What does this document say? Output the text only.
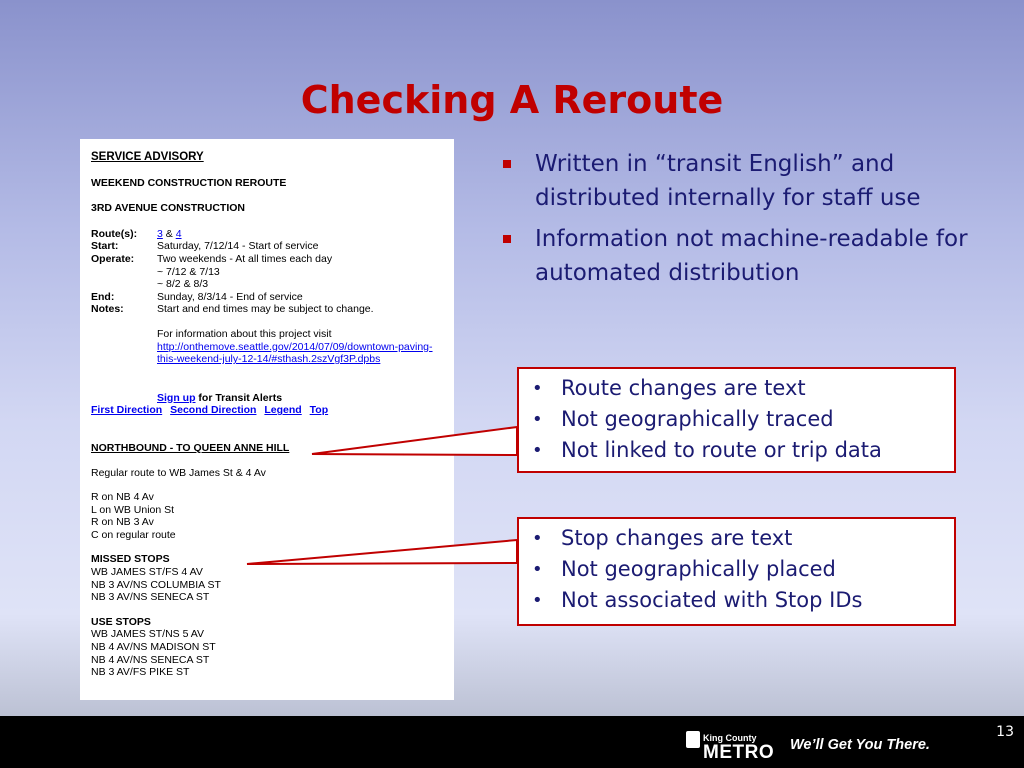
Checking A Reroute
SERVICE ADVISORY
WEEKEND CONSTRUCTION REROUTE
3RD AVENUE CONSTRUCTION
Route(s):	3 & 4
Start:	Saturday, 7/12/14 - Start of service
Operate:	Two weekends - At all times each day
~ 7/12 & 7/13
~ 8/2 & 8/3

End:	Sunday, 8/3/14 - End of service
Notes:	Start and end times may be subject to change.
For information about this project visit
http://onthemove.seattle.gov/2014/07/09/downtown-paving-
this-weekend-july-12-14/#sthash.2szVgf3P.dpbs
Sign up for Transit Alerts
First Direction Second Direction Legend Top
NORTHBOUND - TO QUEEN ANNE HILL
Regular route to WB James St & 4 Av
R on NB 4 Av
L on WB Union St
R on NB 3 Av
C on regular route
MISSED STOPS
WB JAMES ST/FS 4 AV
NB 3 AV/NS COLUMBIA ST
NB 3 AV/NS SENECA ST
USE STOPS
WB JAMES ST/NS 5 AV
NB 4 AV/NS MADISON ST
NB 4 AV/NS SENECA ST
NB 3 AV/FS PIKE ST
Written in “transit English” and distributed internally for staff use
Information not machine-readable for automated distribution
• Route changes are text
• Not geographically traced
• Not linked to route or trip data
• Stop changes are text
• Not geographically placed
• Not associated with Stop IDs
King County
METRO We’ll Get You There.
13
